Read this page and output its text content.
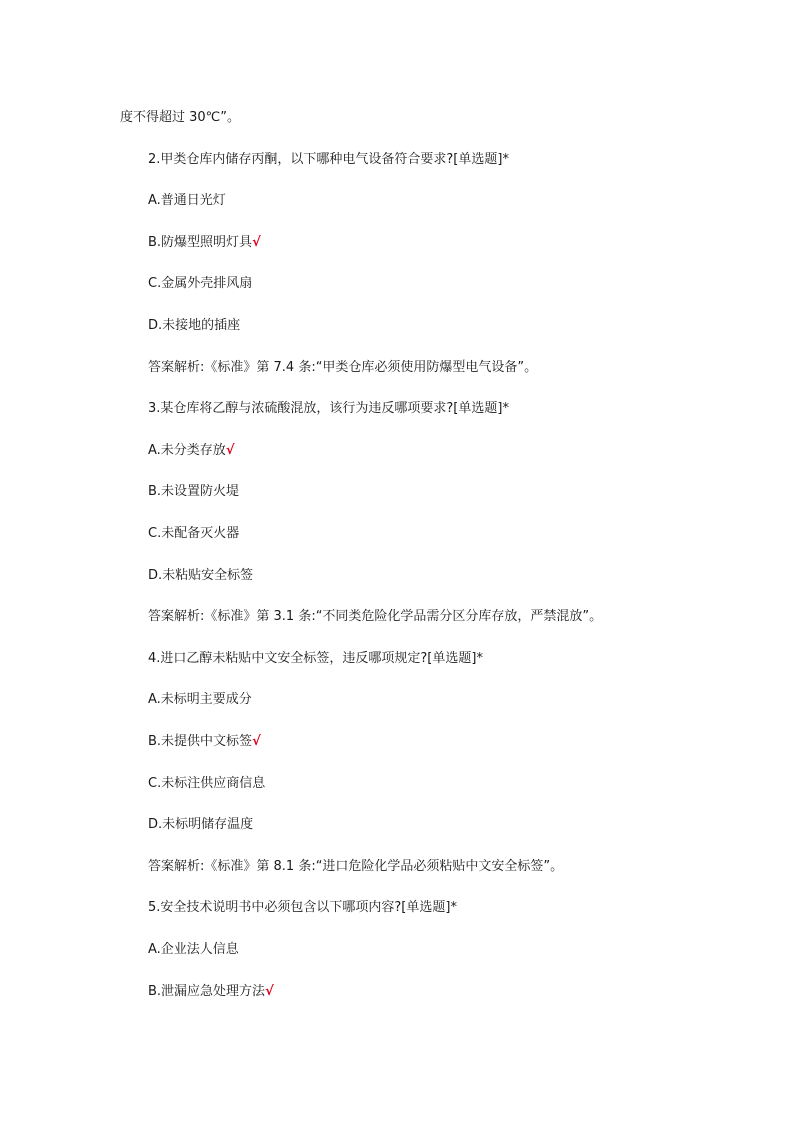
度不得超过 30℃”。
2.甲类仓库内储存丙酮，以下哪种电气设备符合要求?[单选题]*
A.普通日光灯
B.防爆型照明灯具√
C.金属外壳排风扇
D.未接地的插座
答案解析:《标准》第 7.4 条:“甲类仓库必须使用防爆型电气设备”。
3.某仓库将乙醇与浓硫酸混放，该行为违反哪项要求?[单选题]*
A.未分类存放√
B.未设置防火堤
C.未配备灭火器
D.未粘贴安全标签
答案解析:《标准》第 3.1 条:“不同类危险化学品需分区分库存放，严禁混放”。
4.进口乙醇未粘贴中文安全标签，违反哪项规定?[单选题]*
A.未标明主要成分
B.未提供中文标签√
C.未标注供应商信息
D.未标明储存温度
答案解析:《标准》第 8.1 条:“进口危险化学品必须粘贴中文安全标签”。
5.安全技术说明书中必须包含以下哪项内容?[单选题]*
A.企业法人信息
B.泄漏应急处理方法√
